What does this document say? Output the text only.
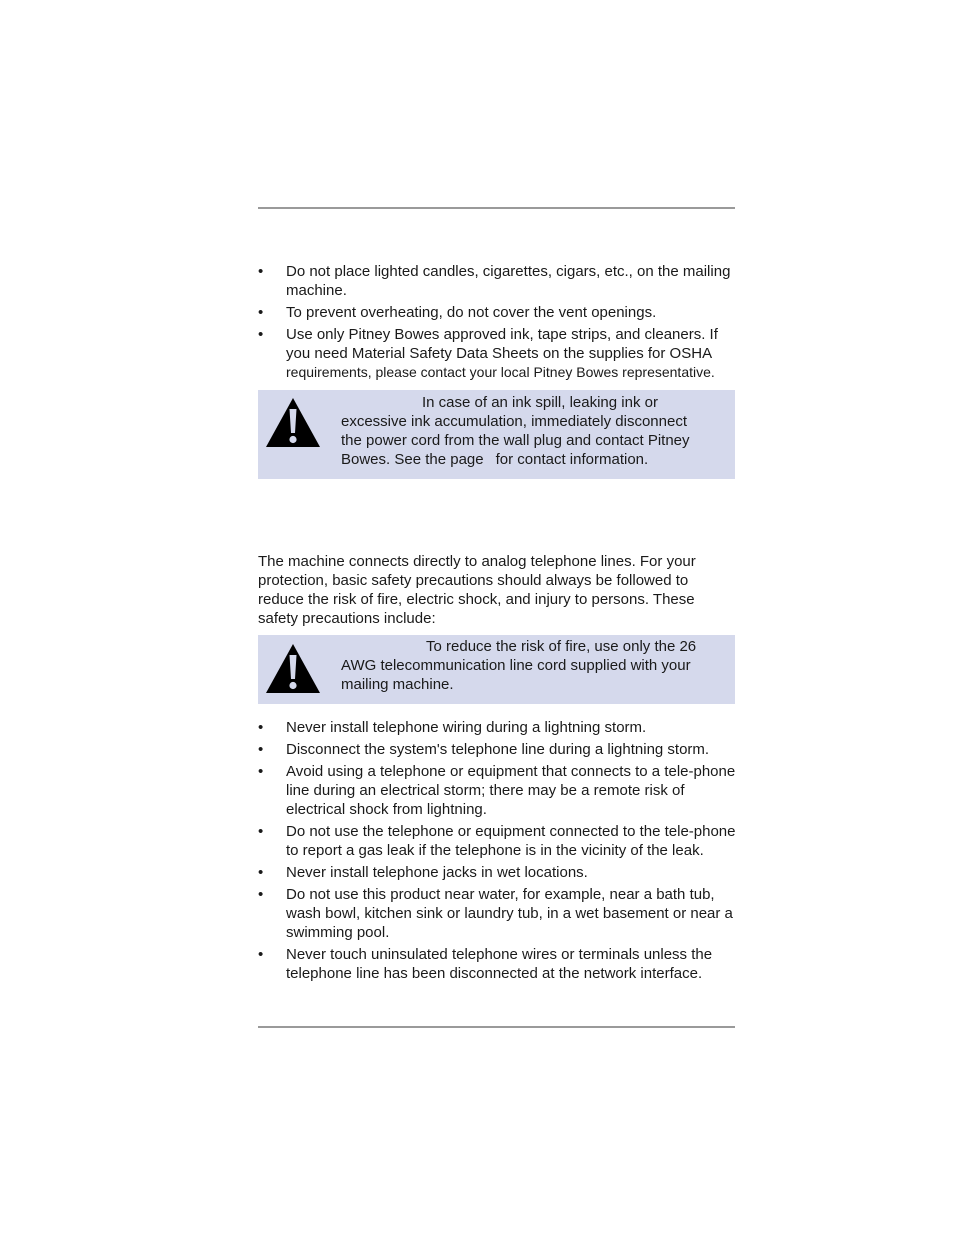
• Do not place lighted candles, cigarettes, cigars, etc., on the mailing machine.
• To prevent overheating, do not cover the vent openings.
• Use only Pitney Bowes approved ink, tape strips, and cleaners. If you need Material Safety Data Sheets on the supplies for OSHA
requirements, please contact your local Pitney Bowes representative.
In case of an ink spill, leaking ink or
excessive ink accumulation, immediately disconnect
the power cord from the wall plug and contact Pitney
Bowes. See the page for contact information.

The machine connects directly to analog telephone lines. For your protection, basic safety precautions should always be followed to reduce the risk of fire, electric shock, and injury to persons. These safety precautions include:

To reduce the risk of fire, use only the 26
AWG telecommunication line cord supplied with your
mailing machine.
• Never install telephone wiring during a lightning storm.
• Disconnect the system's telephone line during a lightning storm.
• Avoid using a telephone or equipment that connects to a tele-phone line during an electrical storm; there may be a remote risk of electrical shock from lightning.
• Do not use the telephone or equipment connected to the tele-phone to report a gas leak if the telephone is in the vicinity of the leak.
• Never install telephone jacks in wet locations.
• Do not use this product near water, for example, near a bath tub, wash bowl, kitchen sink or laundry tub, in a wet basement or near a swimming pool.
• Never touch uninsulated telephone wires or terminals unless the telephone line has been disconnected at the network interface.
